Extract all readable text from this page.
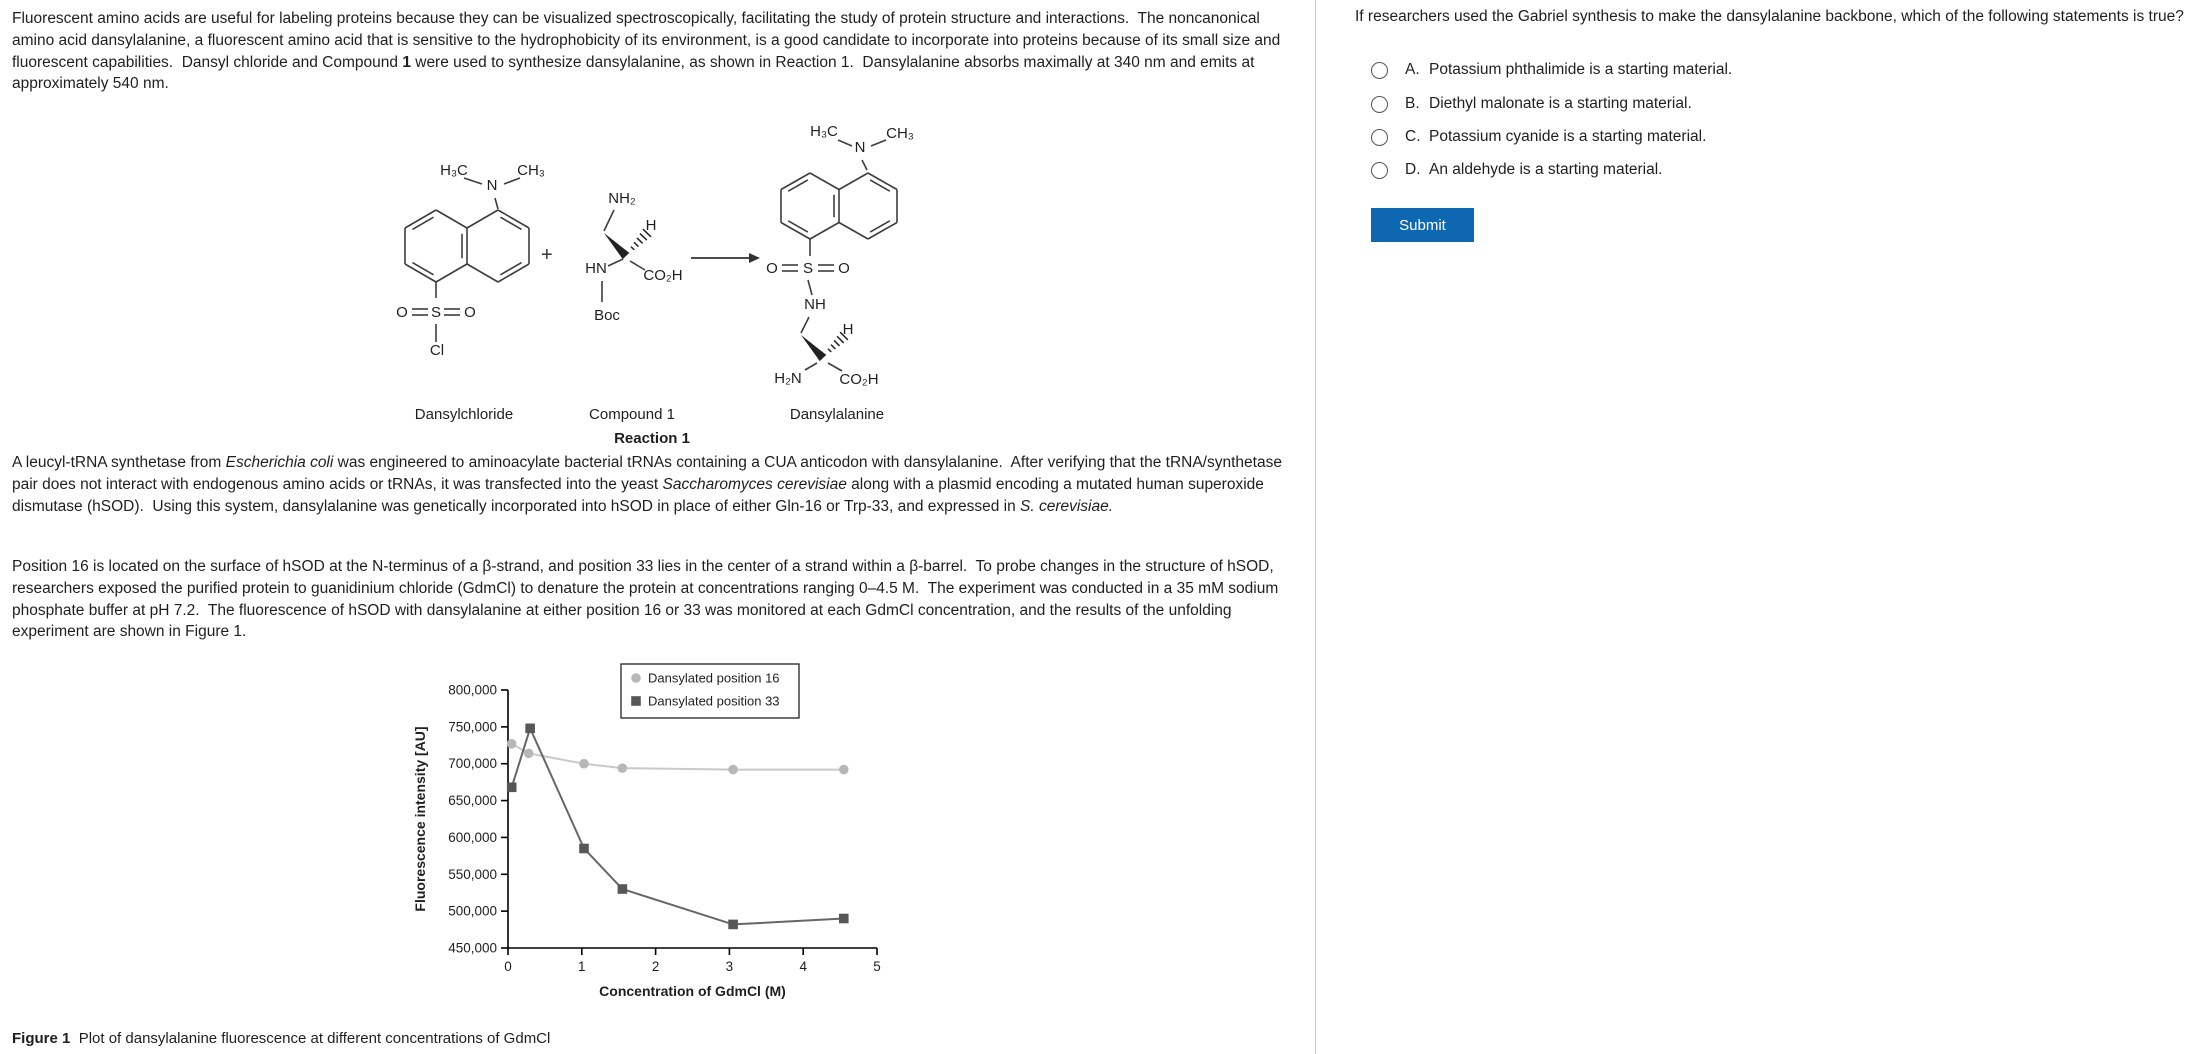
Fluorescent amino acids are useful for labeling proteins because they can be visualized spectroscopically, facilitating the study of protein structure and interactions.  The noncanonical amino acid dansylalanine, a fluorescent amino acid that is sensitive to the hydrophobicity of its environment, is a good candidate to incorporate into proteins because of its small size and fluorescent capabilities.  Dansyl chloride and Compound 1 were used to synthesize dansylalanine, as shown in Reaction 1.  Dansylalanine absorbs maximally at 340 nm and emits at approximately 540 nm.
A leucyl-tRNA synthetase from Escherichia coli was engineered to aminoacylate bacterial tRNAs containing a CUA anticodon with dansylalanine.  After verifying that the tRNA/synthetase pair does not interact with endogenous amino acids or tRNAs, it was transfected into the yeast Saccharomyces cerevisiae along with a plasmid encoding a mutated human superoxide dismutase (hSOD).  Using this system, dansylalanine was genetically incorporated into hSOD in place of either Gln-16 or Trp-33, and expressed in S. cerevisiae.
Position 16 is located on the surface of hSOD at the N-terminus of a β-strand, and position 33 lies in the center of a strand within a β-barrel.  To probe changes in the structure of hSOD, researchers exposed the purified protein to guanidinium chloride (GdmCl) to denature the protein at concentrations ranging 0–4.5 M.  The experiment was conducted in a 35 mM sodium phosphate buffer at pH 7.2.  The fluorescence of hSOD with dansylalanine at either position 16 or 33 was monitored at each GdmCl concentration, and the results of the unfolding experiment are shown in Figure 1.
H₃C
N
CH₃
O S O
Cl
+
NH₂
H
HN
Boc
CO₂H
H₃C
N
CH₃
S
O	O
NH
H
H₂N	CO₂H
Dansylchloride	Compound 1	Dansylalanine
Reaction 1
450,000
500,000
550,000
600,000
650,000
700,000
750,000
800,000
0	1	2	3	4	5
Concentration of GdmCl (M)
Fluorescence intensity [AU]
Dansylated position 16
Dansylated position 33
Figure 1  Plot of dansylalanine fluorescence at different concentrations of GdmCl
If researchers used the Gabriel synthesis to make the dansylalanine backbone, which of the following statements is true?
A. Potassium phthalimide is a starting material.
B. Diethyl malonate is a starting material.
C. Potassium cyanide is a starting material.
D. An aldehyde is a starting material.
Submit
